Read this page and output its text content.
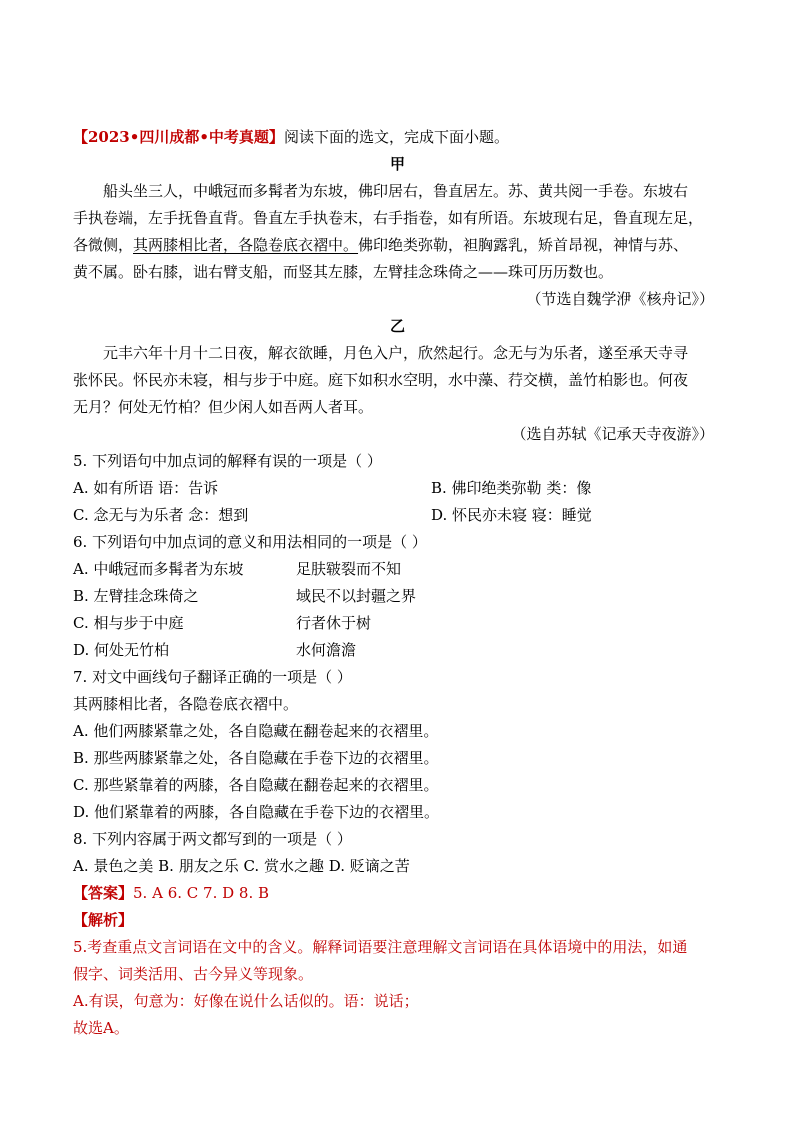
【2023•四川成都•中考真题】阅读下面的选文，完成下面小题。
甲
船头坐三人，中峨冠而多髯者为东坡，佛印居右，鲁直居左。苏、黄共阅一手卷。东坡右
手执卷端，左手抚鲁直背。鲁直左手执卷末，右手指卷，如有所语。东坡现右足，鲁直现左足，
各微侧，其两膝相比者，各隐卷底衣褶中。佛印绝类弥勒，袒胸露乳，矫首昂视，神情与苏、
黄不属。卧右膝，诎右臂支船，而竖其左膝，左臂挂念珠倚之——珠可历历数也。
（节选自魏学洢《核舟记》）
乙
元丰六年十月十二日夜，解衣欲睡，月色入户，欣然起行。念无与为乐者，遂至承天寺寻
张怀民。怀民亦未寝，相与步于中庭。庭下如积水空明，水中藻、荇交横，盖竹柏影也。何夜
无月？何处无竹柏？但少闲人如吾两人者耳。
（选自苏轼《记承天寺夜游》）
5. 下列语句中加点词的解释有误的一项是（ ）
A. 如有所语 语：告诉	B. 佛印绝类弥勒 类：像
C. 念无与为乐者 念：想到	D. 怀民亦未寝 寝：睡觉
6. 下列语句中加点词的意义和用法相同的一项是（ ）
A. 中峨冠而多髯者为东坡	足肤皲裂而不知
B. 左臂挂念珠倚之	域民不以封疆之界
C. 相与步于中庭	行者休于树
D. 何处无竹柏	水何澹澹
7. 对文中画线句子翻译正确的一项是（ ）
其两膝相比者，各隐卷底衣褶中。
A. 他们两膝紧靠之处，各自隐藏在翻卷起来的衣褶里。
B. 那些两膝紧靠之处，各自隐藏在手卷下边的衣褶里。
C. 那些紧靠着的两膝，各自隐藏在翻卷起来的衣褶里。
D. 他们紧靠着的两膝，各自隐藏在手卷下边的衣褶里。
8. 下列内容属于两文都写到的一项是（ ）
A. 景色之美 B. 朋友之乐 C. 赏水之趣 D. 贬谪之苦
【答案】5. A 6. C 7. D 8. B
【解析】
5.考查重点文言词语在文中的含义。解释词语要注意理解文言词语在具体语境中的用法，如通
假字、词类活用、古今异义等现象。
A.有误，句意为：好像在说什么话似的。语：说话；
故选A。
